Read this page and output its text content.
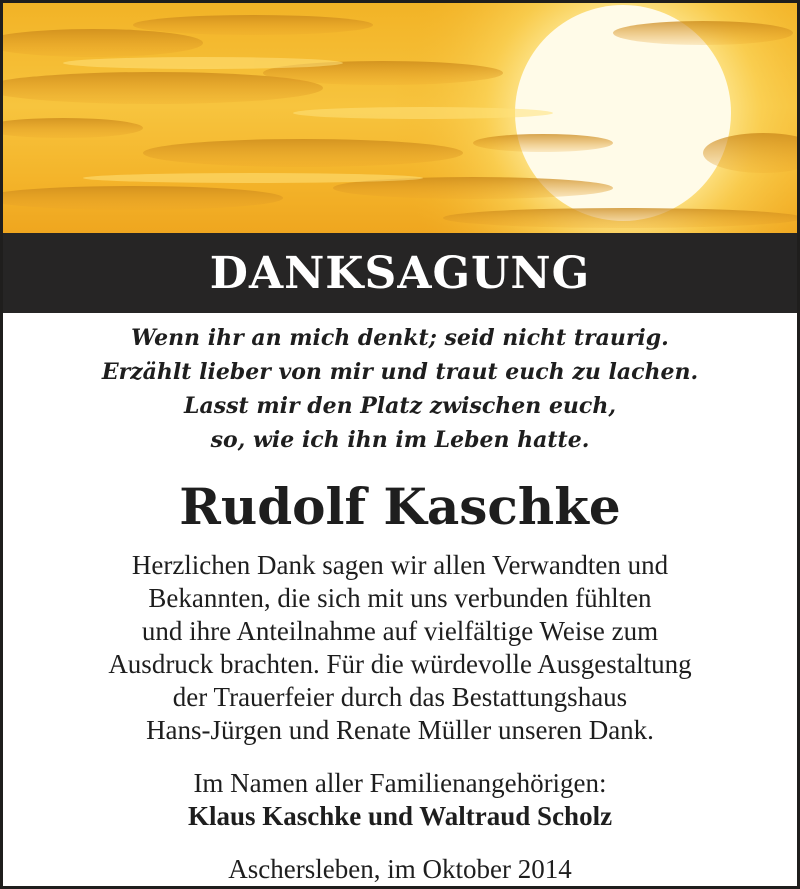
DANKSAGUNG
Wenn ihr an mich denkt; seid nicht traurig.
Erzählt lieber von mir und traut euch zu lachen.
Lasst mir den Platz zwischen euch,
so, wie ich ihn im Leben hatte.
Rudolf Kaschke
Herzlichen Dank sagen wir allen Verwandten und
Bekannten, die sich mit uns verbunden fühlten
und ihre Anteilnahme auf vielfältige Weise zum
Ausdruck brachten. Für die würdevolle Ausgestaltung
der Trauerfeier durch das Bestattungshaus
Hans-Jürgen und Renate Müller unseren Dank.
Im Namen aller Familienangehörigen:
Klaus Kaschke und Waltraud Scholz
Aschersleben, im Oktober 2014
